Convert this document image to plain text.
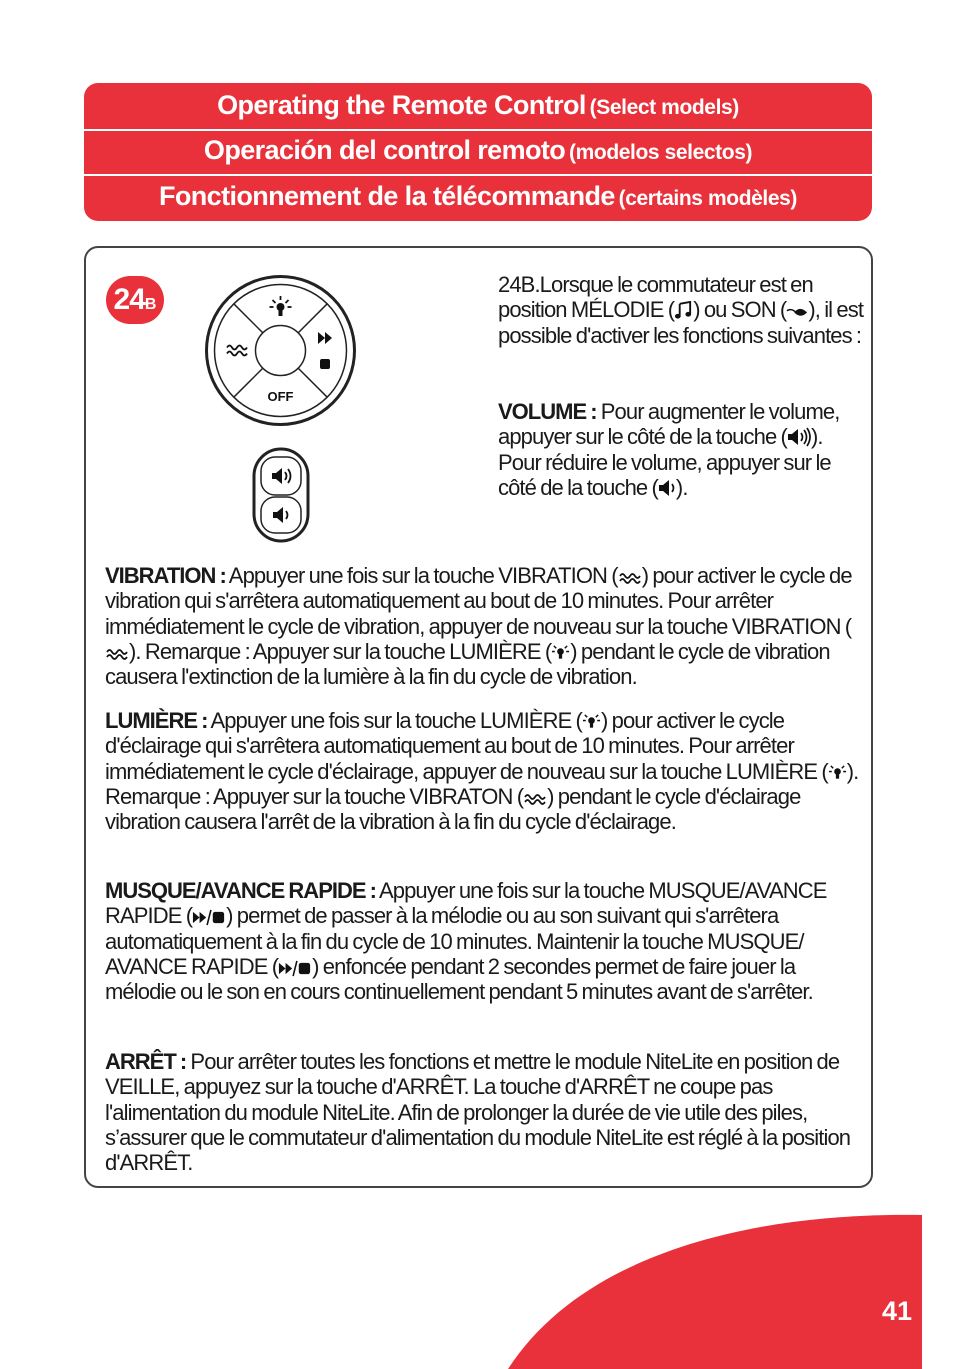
Operating the Remote Control (Select models)
Operación del control remoto (modelos selectos)
Fonctionnement de la télécommande (certains modèles)
24B
OFF
24B.Lorsque le commutateur est en position MÉLODIE ( ) ou SON ( ), il est possible d'activer les fonctions suivantes :
VOLUME : Pour augmenter le volume, appuyer sur le côté de la touche ( ). Pour réduire le volume, appuyer sur le côté de la touche ( ).
VIBRATION : Appuyer une fois sur la touche VIBRATION ( ) pour activer le cycle de vibration qui s'arrêtera automatiquement au bout de 10 minutes. Pour arrêter immédiatement le cycle de vibration, appuyer de nouveau sur la touche VIBRATION (). Remarque : Appuyer sur la touche LUMIÈRE ( ) pendant le cycle de vibration causera l'extinction de la lumière à la fin du cycle de vibration.
LUMIÈRE : Appuyer une fois sur la touche LUMIÈRE ( ) pour activer le cycle d'éclairage qui s'arrêtera automatiquement au bout de 10 minutes. Pour arrêter immédiatement le cycle d'éclairage, appuyer de nouveau sur la touche LUMIÈRE ( ). Remarque : Appuyer sur la touche VIBRATON ( ) pendant le cycle d'éclairage vibration causera l'arrêt de la vibration à la fin du cycle d'éclairage.
MUSQUE/AVANCE RAPIDE : Appuyer une fois sur la touche MUSQUE/AVANCE RAPIDE ( ) permet de passer à la mélodie ou au son suivant qui s'arrêtera automatiquement à la fin du cycle de 10 minutes. Maintenir la touche MUSQUE/ AVANCE RAPIDE ( ) enfoncée pendant 2 secondes permet de faire jouer la mélodie ou le son en cours continuellement pendant 5 minutes avant de s'arrêter.
ARRÊT : Pour arrêter toutes les fonctions et mettre le module NiteLite en position de VEILLE, appuyez sur la touche d'ARRÊT. La touche d'ARRÊT ne coupe pas l'alimentation du module NiteLite. Afin de prolonger la durée de vie utile des piles, s’assurer que le commutateur d'alimentation du module NiteLite est réglé à la position d'ARRÊT.
41
